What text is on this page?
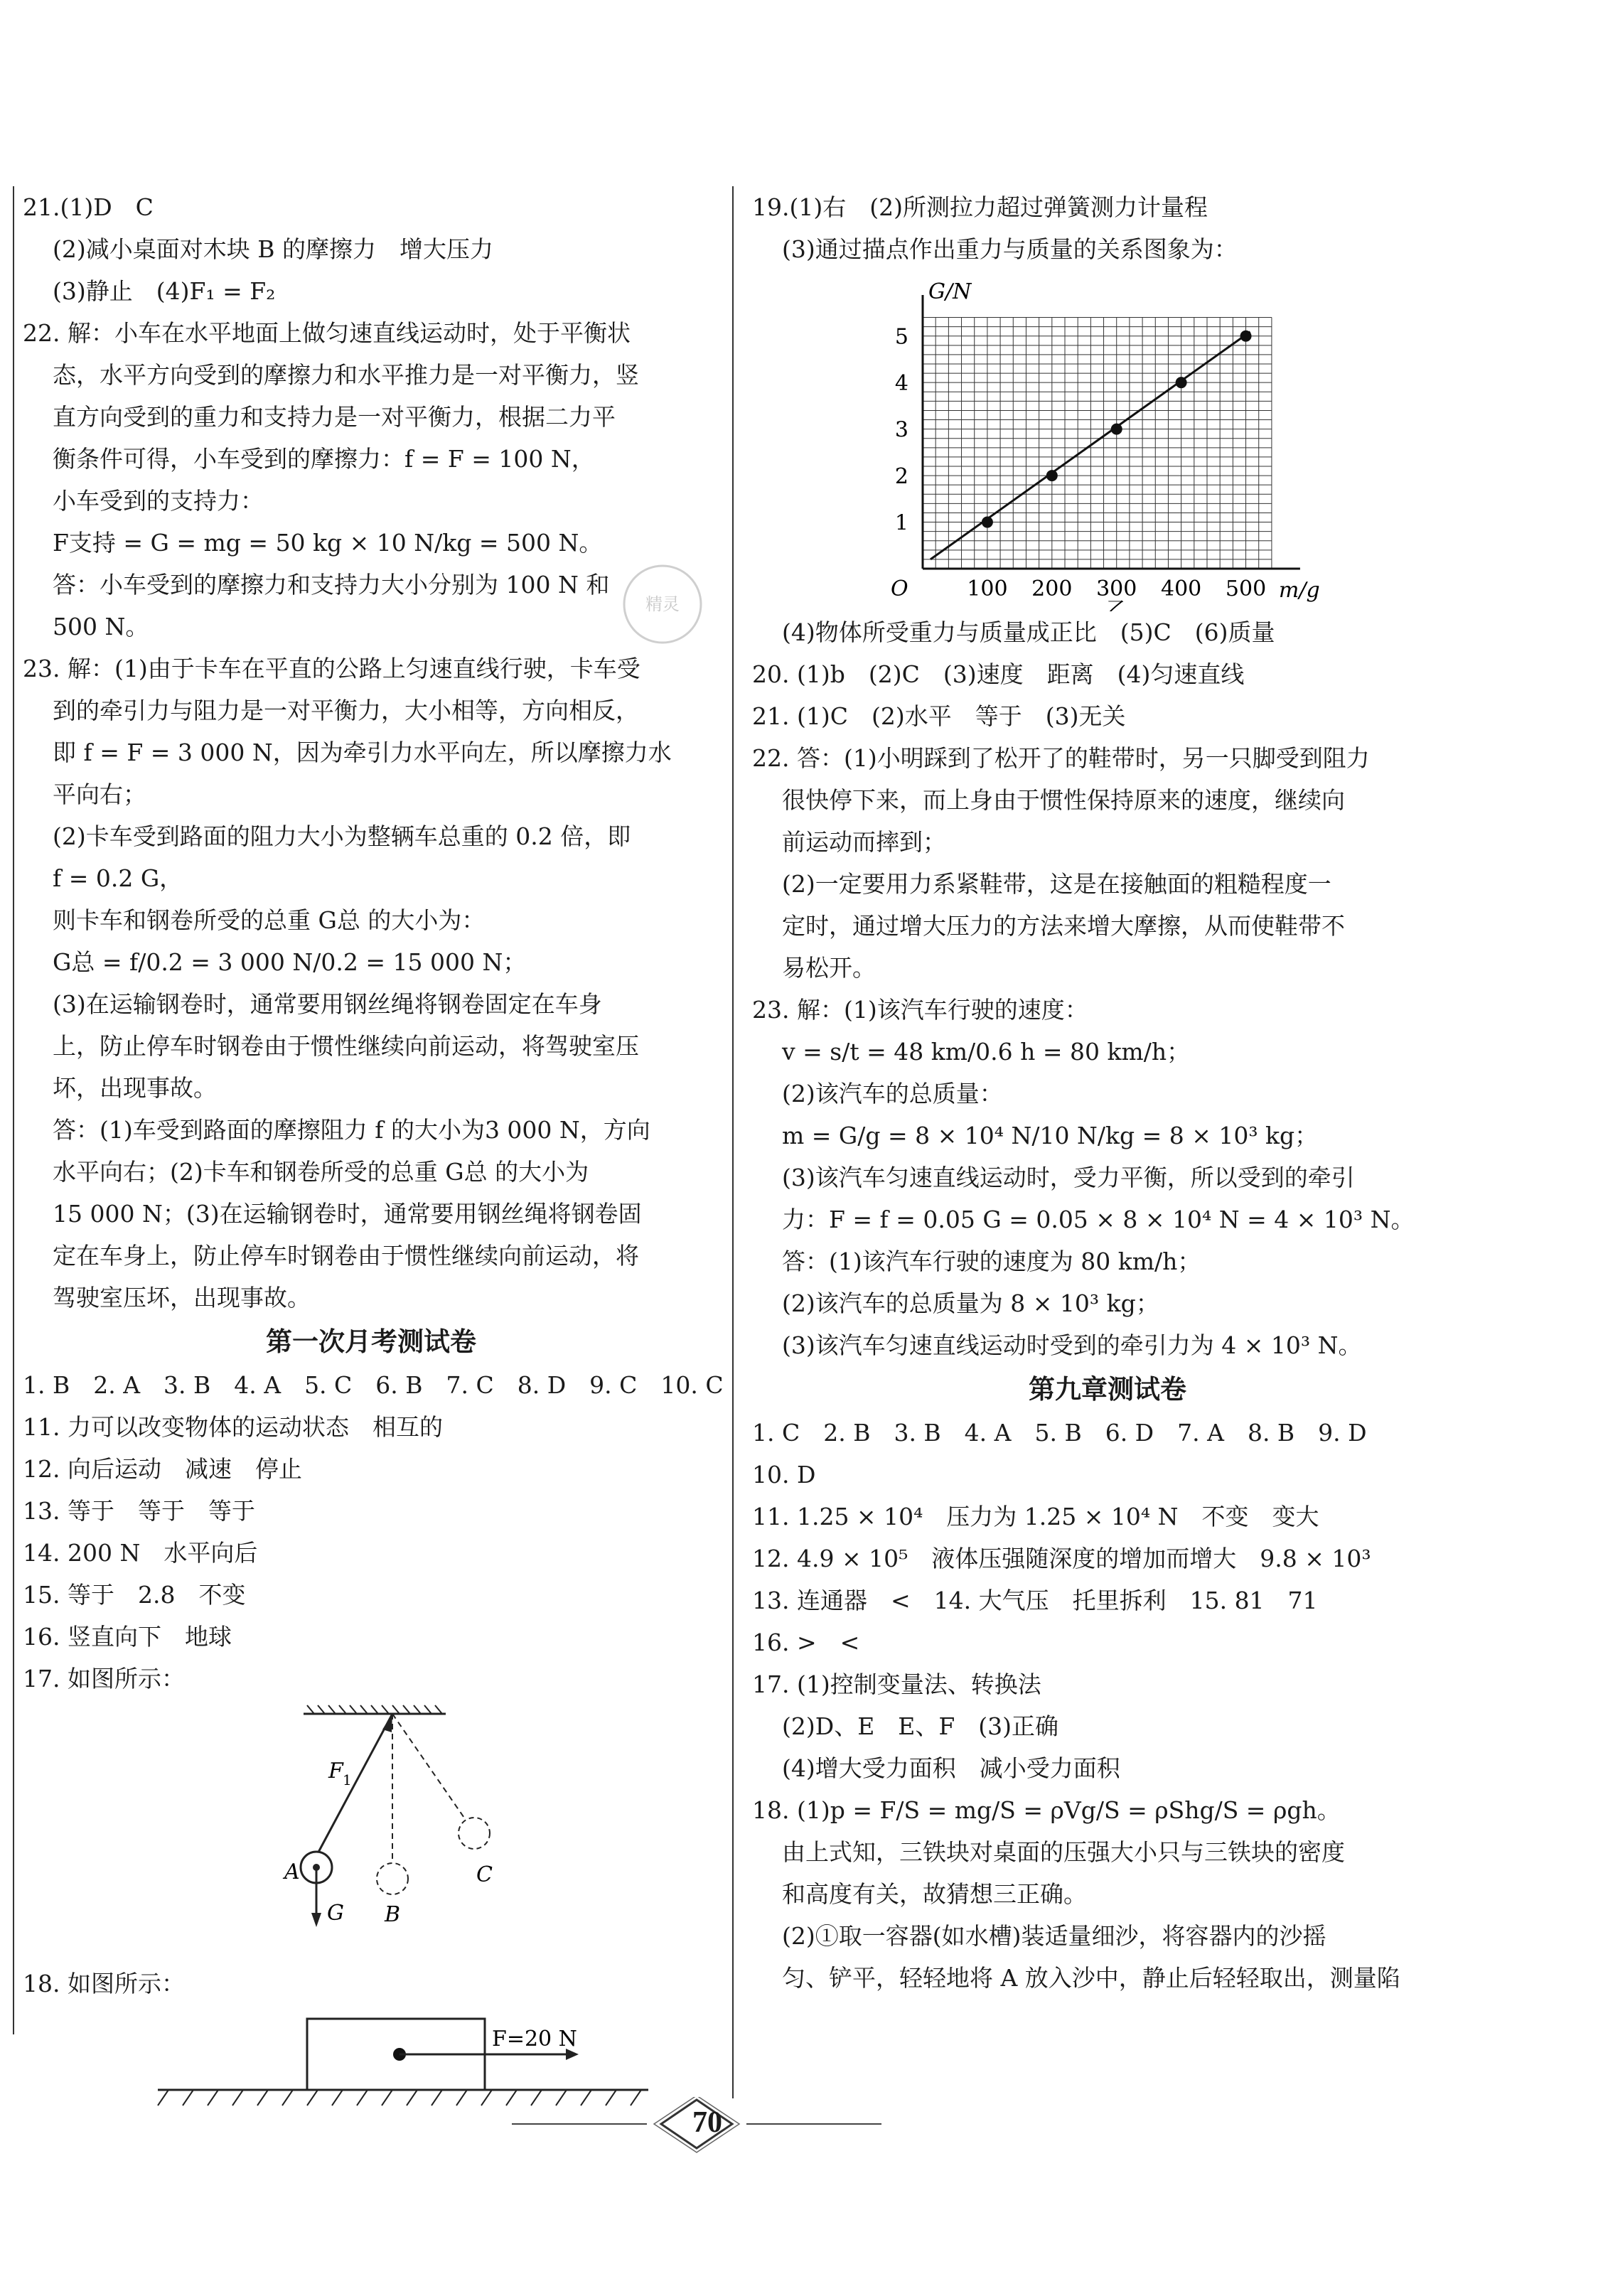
21.(1)D　C
(2)减小桌面对木块 B 的摩擦力　增大压力
(3)静止　(4)F₁ = F₂
22. 解：小车在水平地面上做匀速直线运动时，处于平衡状
态，水平方向受到的摩擦力和水平推力是一对平衡力，竖
直方向受到的重力和支持力是一对平衡力，根据二力平
衡条件可得，小车受到的摩擦力：f = F = 100 N，
小车受到的支持力：
F支持 = G = mg = 50 kg × 10 N/kg = 500 N。
答：小车受到的摩擦力和支持力大小分别为 100 N 和
500 N。
23. 解：(1)由于卡车在平直的公路上匀速直线行驶，卡车受
到的牵引力与阻力是一对平衡力，大小相等，方向相反，
即 f = F = 3 000 N，因为牵引力水平向左，所以摩擦力水
平向右；
(2)卡车受到路面的阻力大小为整辆车总重的 0.2 倍，即
f = 0.2 G，
则卡车和钢卷所受的总重 G总 的大小为：
G总 = f/0.2 = 3 000 N/0.2 = 15 000 N；
(3)在运输钢卷时，通常要用钢丝绳将钢卷固定在车身
上，防止停车时钢卷由于惯性继续向前运动，将驾驶室压
坏，出现事故。
答：(1)车受到路面的摩擦阻力 f 的大小为3 000 N，方向
水平向右；(2)卡车和钢卷所受的总重 G总 的大小为
15 000 N；(3)在运输钢卷时，通常要用钢丝绳将钢卷固
定在车身上，防止停车时钢卷由于惯性继续向前运动，将
驾驶室压坏，出现事故。
第一次月考测试卷
1. B　2. A　3. B　4. A　5. C　6. B　7. C　8. D　9. C　10. C
11. 力可以改变物体的运动状态　相互的
12. 向后运动　减速　停止
13. 等于　等于　等于
14. 200 N　水平向后
15. 等于　2.8　不变
16. 竖直向下　地球
17. 如图所示：
F 1
A
G B
C
18. 如图所示：
F=20 N
19.(1)右　(2)所测拉力超过弹簧测力计量程
(3)通过描点作出重力与质量的关系图象为：
100 200 300 400 500
1
2
3
4
5
G/N
m/g
O
乙
(4)物体所受重力与质量成正比　(5)C　(6)质量
20. (1)b　(2)C　(3)速度　距离　(4)匀速直线
21. (1)C　(2)水平　等于　(3)无关
22. 答：(1)小明踩到了松开了的鞋带时，另一只脚受到阻力
很快停下来，而上身由于惯性保持原来的速度，继续向
前运动而摔到；
(2)一定要用力系紧鞋带，这是在接触面的粗糙程度一
定时，通过增大压力的方法来增大摩擦，从而使鞋带不
易松开。
23. 解：(1)该汽车行驶的速度：
v = s/t = 48 km/0.6 h = 80 km/h；
(2)该汽车的总质量：
m = G/g = 8 × 10⁴ N/10 N/kg = 8 × 10³ kg；
(3)该汽车匀速直线运动时，受力平衡，所以受到的牵引
力：F = f = 0.05 G = 0.05 × 8 × 10⁴ N = 4 × 10³ N。
答：(1)该汽车行驶的速度为 80 km/h；
(2)该汽车的总质量为 8 × 10³ kg；
(3)该汽车匀速直线运动时受到的牵引力为 4 × 10³ N。
第九章测试卷
1. C　2. B　3. B　4. A　5. B　6. D　7. A　8. B　9. D
10. D
11. 1.25 × 10⁴　压力为 1.25 × 10⁴ N　不变　变大
12. 4.9 × 10⁵　液体压强随深度的增加而增大　9.8 × 10³
13. 连通器　<　14. 大气压　托里拆利　15. 81　71
16. >　<
17. (1)控制变量法、转换法
(2)D、E　E、F　(3)正确
(4)增大受力面积　减小受力面积
18. (1)p = F/S = mg/S = ρVg/S = ρShg/S = ρgh。
由上式知，三铁块对桌面的压强大小只与三铁块的密度
和高度有关，故猜想三正确。
(2)①取一容器(如水槽)装适量细沙，将容器内的沙摇
匀、铲平，轻轻地将 A 放入沙中，静止后轻轻取出，测量陷
精灵
70
